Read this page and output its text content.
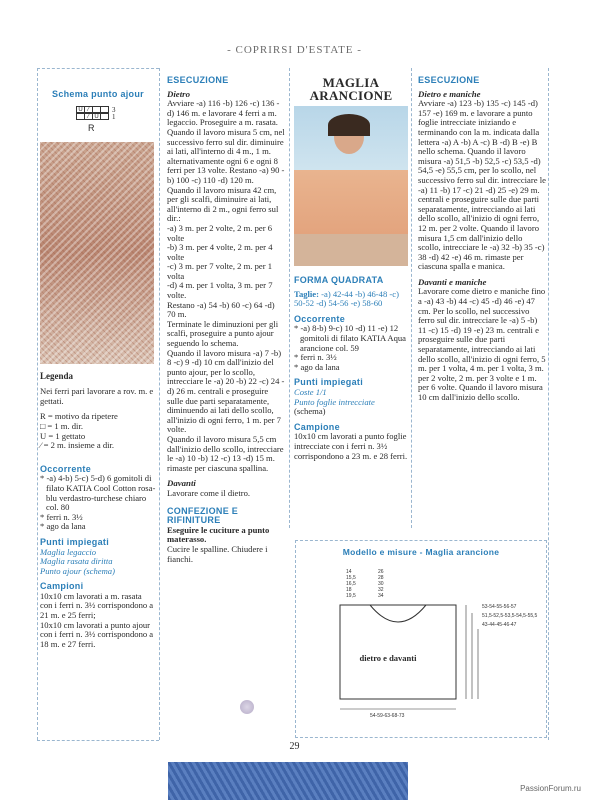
- COPRIRSI D'ESTATE -
Schema punto ajour
U ⁄
⁄ U
3
1
R

Legenda

Nei ferri pari lavorare a rov. m. e gettati.

R = motivo da ripetere

□ = 1 m. dir.

U = 1 gettato

⁄ = 2 m. insieme a dir.

Occorrente

* -a) 4-b) 5-c) 5-d) 6 gomitoli di filato KATIA Cool Cotton rosa-blu verdastro-turchese chiaro col. 80

* ferri n. 3½

* ago da lana

Punti impiegati

Maglia legaccio

Maglia rasata diritta

Punto ajour (schema)

Campioni

10x10 cm lavorati a m. rasata con i ferri n. 3½ corrispondono a 21 m. e 25 ferri;

10x10 cm lavorati a punto ajour con i ferri n. 3½ corrispondono a 18 m. e 27 ferri.

ESECUZIONE
Dietro

Avviare -a) 116 -b) 126 -c) 136 -d) 146 m. e lavorare 4 ferri a m. legaccio. Proseguire a m. rasata.

Quando il lavoro misura 5 cm, nel successivo ferro sul dir. diminuire ai lati, all'interno di 4 m., 1 m. alternativamente ogni 6 e ogni 8 ferri per 13 volte. Restano -a) 90 -b) 100 -c) 110 -d) 120 m.

Quando il lavoro misura 42 cm, per gli scalfi, diminuire ai lati, all'interno di 2 m., ogni ferro sul dir.:

-a) 3 m. per 2 volte, 2 m. per 6 volte

-b) 3 m. per 4 volte, 2 m. per 4 volte

-c) 3 m. per 7 volte, 2 m. per 1 volta

-d) 4 m. per 1 volta, 3 m. per 7 volte.

Restano -a) 54 -b) 60 -c) 64 -d) 70 m.

Terminate le diminuzioni per gli scalfi, proseguire a punto ajour seguendo lo schema.

Quando il lavoro misura -a) 7 -b) 8 -c) 9 -d) 10 cm dall'inizio del punto ajour, per lo scollo, intrecciare le -a) 20 -b) 22 -c) 24 -d) 26 m. centrali e proseguire sulle due parti separatamente, diminuendo ai lati dello scollo, all'inizio di ogni ferro, 1 m. per 7 volte.

Quando il lavoro misura 5,5 cm dall'inizio dello scollo, intrecciare le -a) 10 -b) 12 -c) 13 -d) 15 m. rimaste per ciascuna spallina.

Davanti

Lavorare come il dietro.

CONFEZIONE E RIFINITURE

Eseguire le cuciture a punto materasso.

Cucire le spalline. Chiudere i fianchi.

MAGLIA
ARANCIONE
FORMA QUADRATA

Taglie: -a) 42-44 -b) 46-48 -c) 50-52 -d) 54-56 -e) 58-60

Occorrente

* -a) 8-b) 9-c) 10 -d) 11 -e) 12 gomitoli di filato KATIA Aqua arancione col. 59

* ferri n. 3½

* ago da lana

Punti impiegati

Coste 1/1

Punto foglie intrecciate

(schema)

Campione

10x10 cm lavorati a punto foglie intrecciate con i ferri n. 3½ corrispondono a 23 m. e 28 ferri.

ESECUZIONE
Dietro e maniche

Avviare -a) 123 -b) 135 -c) 145 -d) 157 -e) 169 m. e lavorare a punto foglie intrecciate iniziando e terminando con la m. indicata dalla lettera -a) A -b) A -c) B -d) B -e) B nello schema. Quando il lavoro misura -a) 51,5 -b) 52,5 -c) 53,5 -d) 54,5 -e) 55,5 cm, per lo scollo, nel successivo ferro sul dir. intrecciare le -a) 11 -b) 17 -c) 21 -d) 25 -e) 29 m. centrali e proseguire sulle due parti separatamente, intrecciando ai lati dello scollo, all'inizio di ogni ferro, 12 m. per 2 volte. Quando il lavoro misura 1,5 cm dall'inizio dello scollo, intrecciare le -a) 32 -b) 35 -c) 38 -d) 42 -e) 46 m. rimaste per ciascuna spalla e manica.

Davanti e maniche

Lavorare come dietro e maniche fino a -a) 43 -b) 44 -c) 45 -d) 46 -e) 47 cm. Per lo scollo, nel successivo ferro sul dir. intrecciare le -a) 5 -b) 11 -c) 15 -d) 19 -e) 23 m. centrali e proseguire sulle due parti separatamente, intrecciando ai lati dello scollo, all'inizio di ogni ferro, 5 m. per 1 volta, 4 m. per 1 volta, 3 m. per 2 volte, 2 m. per 3 volte e 1 m. per 6 volte. Quando il lavoro misura 10 cm dall'inizio dello scollo.

Modello e misure - Maglia arancione
14
15,5
16,5
18
19,5
26
28
30
32
34
53-54-55-56-57
51,5-52,5-53,5-54,5-55,5
43-44-45-46-47
dietro e davanti
54-59-63-68-73
29
PassionForum.ru
